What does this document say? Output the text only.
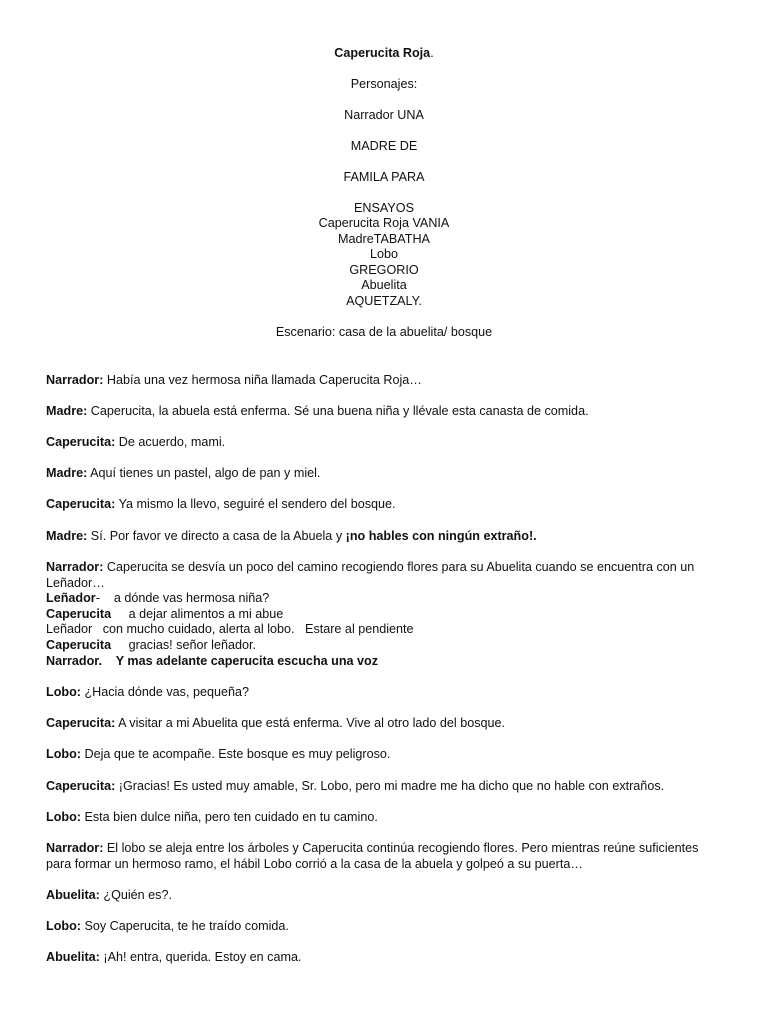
Caperucita Roja.
Personajes:
Narrador UNA
MADRE DE
FAMILA PARA
ENSAYOS
Caperucita Roja VANIA
MadreTABATHA
Lobo
GREGORIO
Abuelita
AQUETZALY.
Escenario: casa de la abuelita/ bosque
Narrador: Había una vez hermosa niña llamada Caperucita Roja…
Madre: Caperucita, la abuela está enferma. Sé una buena niña y llévale esta canasta de comida.
Caperucita: De acuerdo, mami.
Madre: Aquí tienes un pastel, algo de pan y miel.
Caperucita: Ya mismo la llevo, seguiré el sendero del bosque.
Madre: Sí. Por favor ve directo a casa de la Abuela y ¡no hables con ningún extraño!.
Narrador: Caperucita se desvía un poco del camino recogiendo flores para su Abuelita cuando se encuentra con un Leñador…
Leñador-    a dónde vas hermosa niña?
Caperucita     a dejar alimentos a mi abue
Leñador   con mucho cuidado, alerta al lobo.   Estare al pendiente
Caperucita     gracias! señor leñador.
Narrador.    Y mas adelante caperucita escucha una voz
Lobo: ¿Hacia dónde vas, pequeña?
Caperucita: A visitar a mi Abuelita que está enferma. Vive al otro lado del bosque.
Lobo: Deja que te acompañe. Este bosque es muy peligroso.
Caperucita: ¡Gracias! Es usted muy amable, Sr. Lobo, pero mi madre me ha dicho que no hable con extraños.
Lobo: Esta bien dulce niña, pero ten cuidado en tu camino.
Narrador: El lobo se aleja entre los árboles y Caperucita continúa recogiendo flores. Pero mientras reúne suficientes para formar un hermoso ramo, el hábil Lobo corrió a la casa de la abuela y golpeó a su puerta…
Abuelita: ¿Quién es?.
Lobo: Soy Caperucita, te he traído comida.
Abuelita: ¡Ah! entra, querida. Estoy en cama.
